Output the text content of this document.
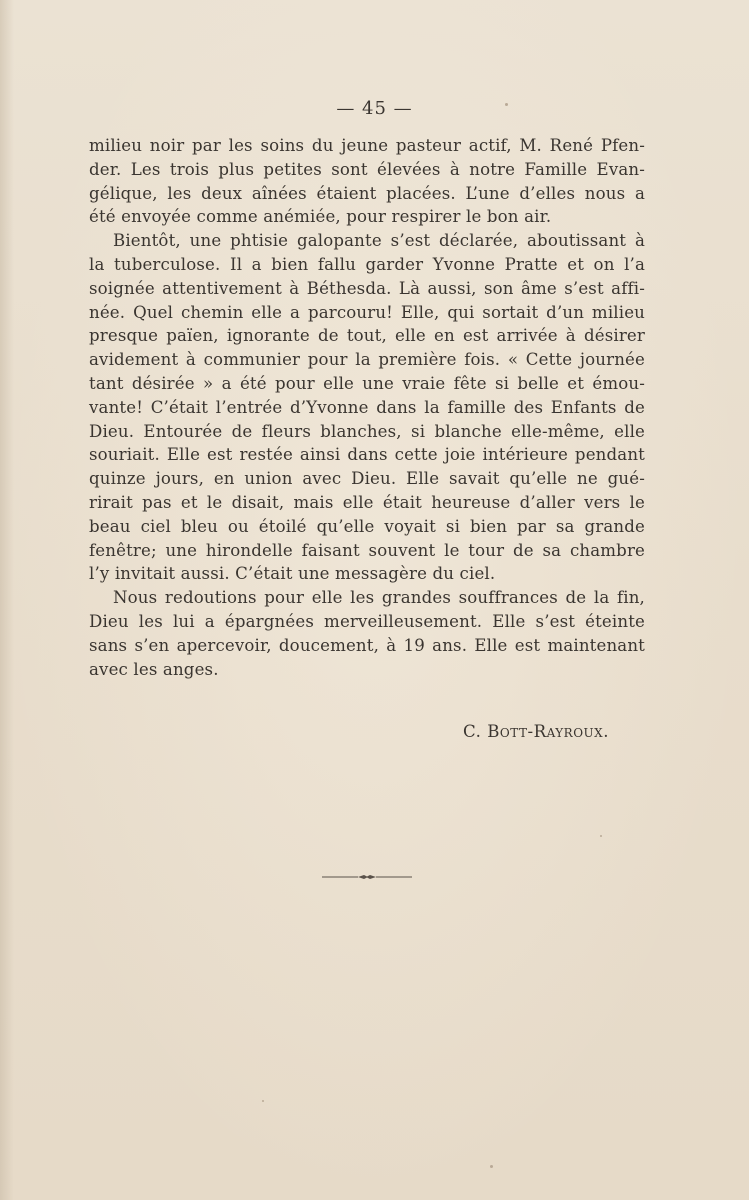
— 45 —
milieu noir par les soins du jeune pasteur actif, M. René Pfen-
der. Les trois plus petites sont élevées à notre Famille Evan-
gélique, les deux aînées étaient placées. L’une d’elles nous a
été envoyée comme anémiée, pour respirer le bon air.
Bientôt, une phtisie galopante s’est déclarée, aboutissant à
la tuberculose. Il a bien fallu garder Yvonne Pratte et on l’a
soignée attentivement à Béthesda. Là aussi, son âme s’est affi-
née. Quel chemin elle a parcouru! Elle, qui sortait d’un milieu
presque païen, ignorante de tout, elle en est arrivée à désirer
avidement à communier pour la première fois. « Cette journée
tant désirée » a été pour elle une vraie fête si belle et émou-
vante! C’était l’entrée d’Yvonne dans la famille des Enfants de
Dieu. Entourée de fleurs blanches, si blanche elle-même, elle
souriait. Elle est restée ainsi dans cette joie intérieure pendant
quinze jours, en union avec Dieu. Elle savait qu’elle ne gué-
rirait pas et le disait, mais elle était heureuse d’aller vers le
beau ciel bleu ou étoilé qu’elle voyait si bien par sa grande
fenêtre; une hirondelle faisant souvent le tour de sa chambre
l’y invitait aussi. C’était une messagère du ciel.
Nous redoutions pour elle les grandes souffrances de la fin,
Dieu les lui a épargnées merveilleusement. Elle s’est éteinte
sans s’en apercevoir, doucement, à 19 ans. Elle est maintenant
avec les anges.
C. Bott-Rayroux.
